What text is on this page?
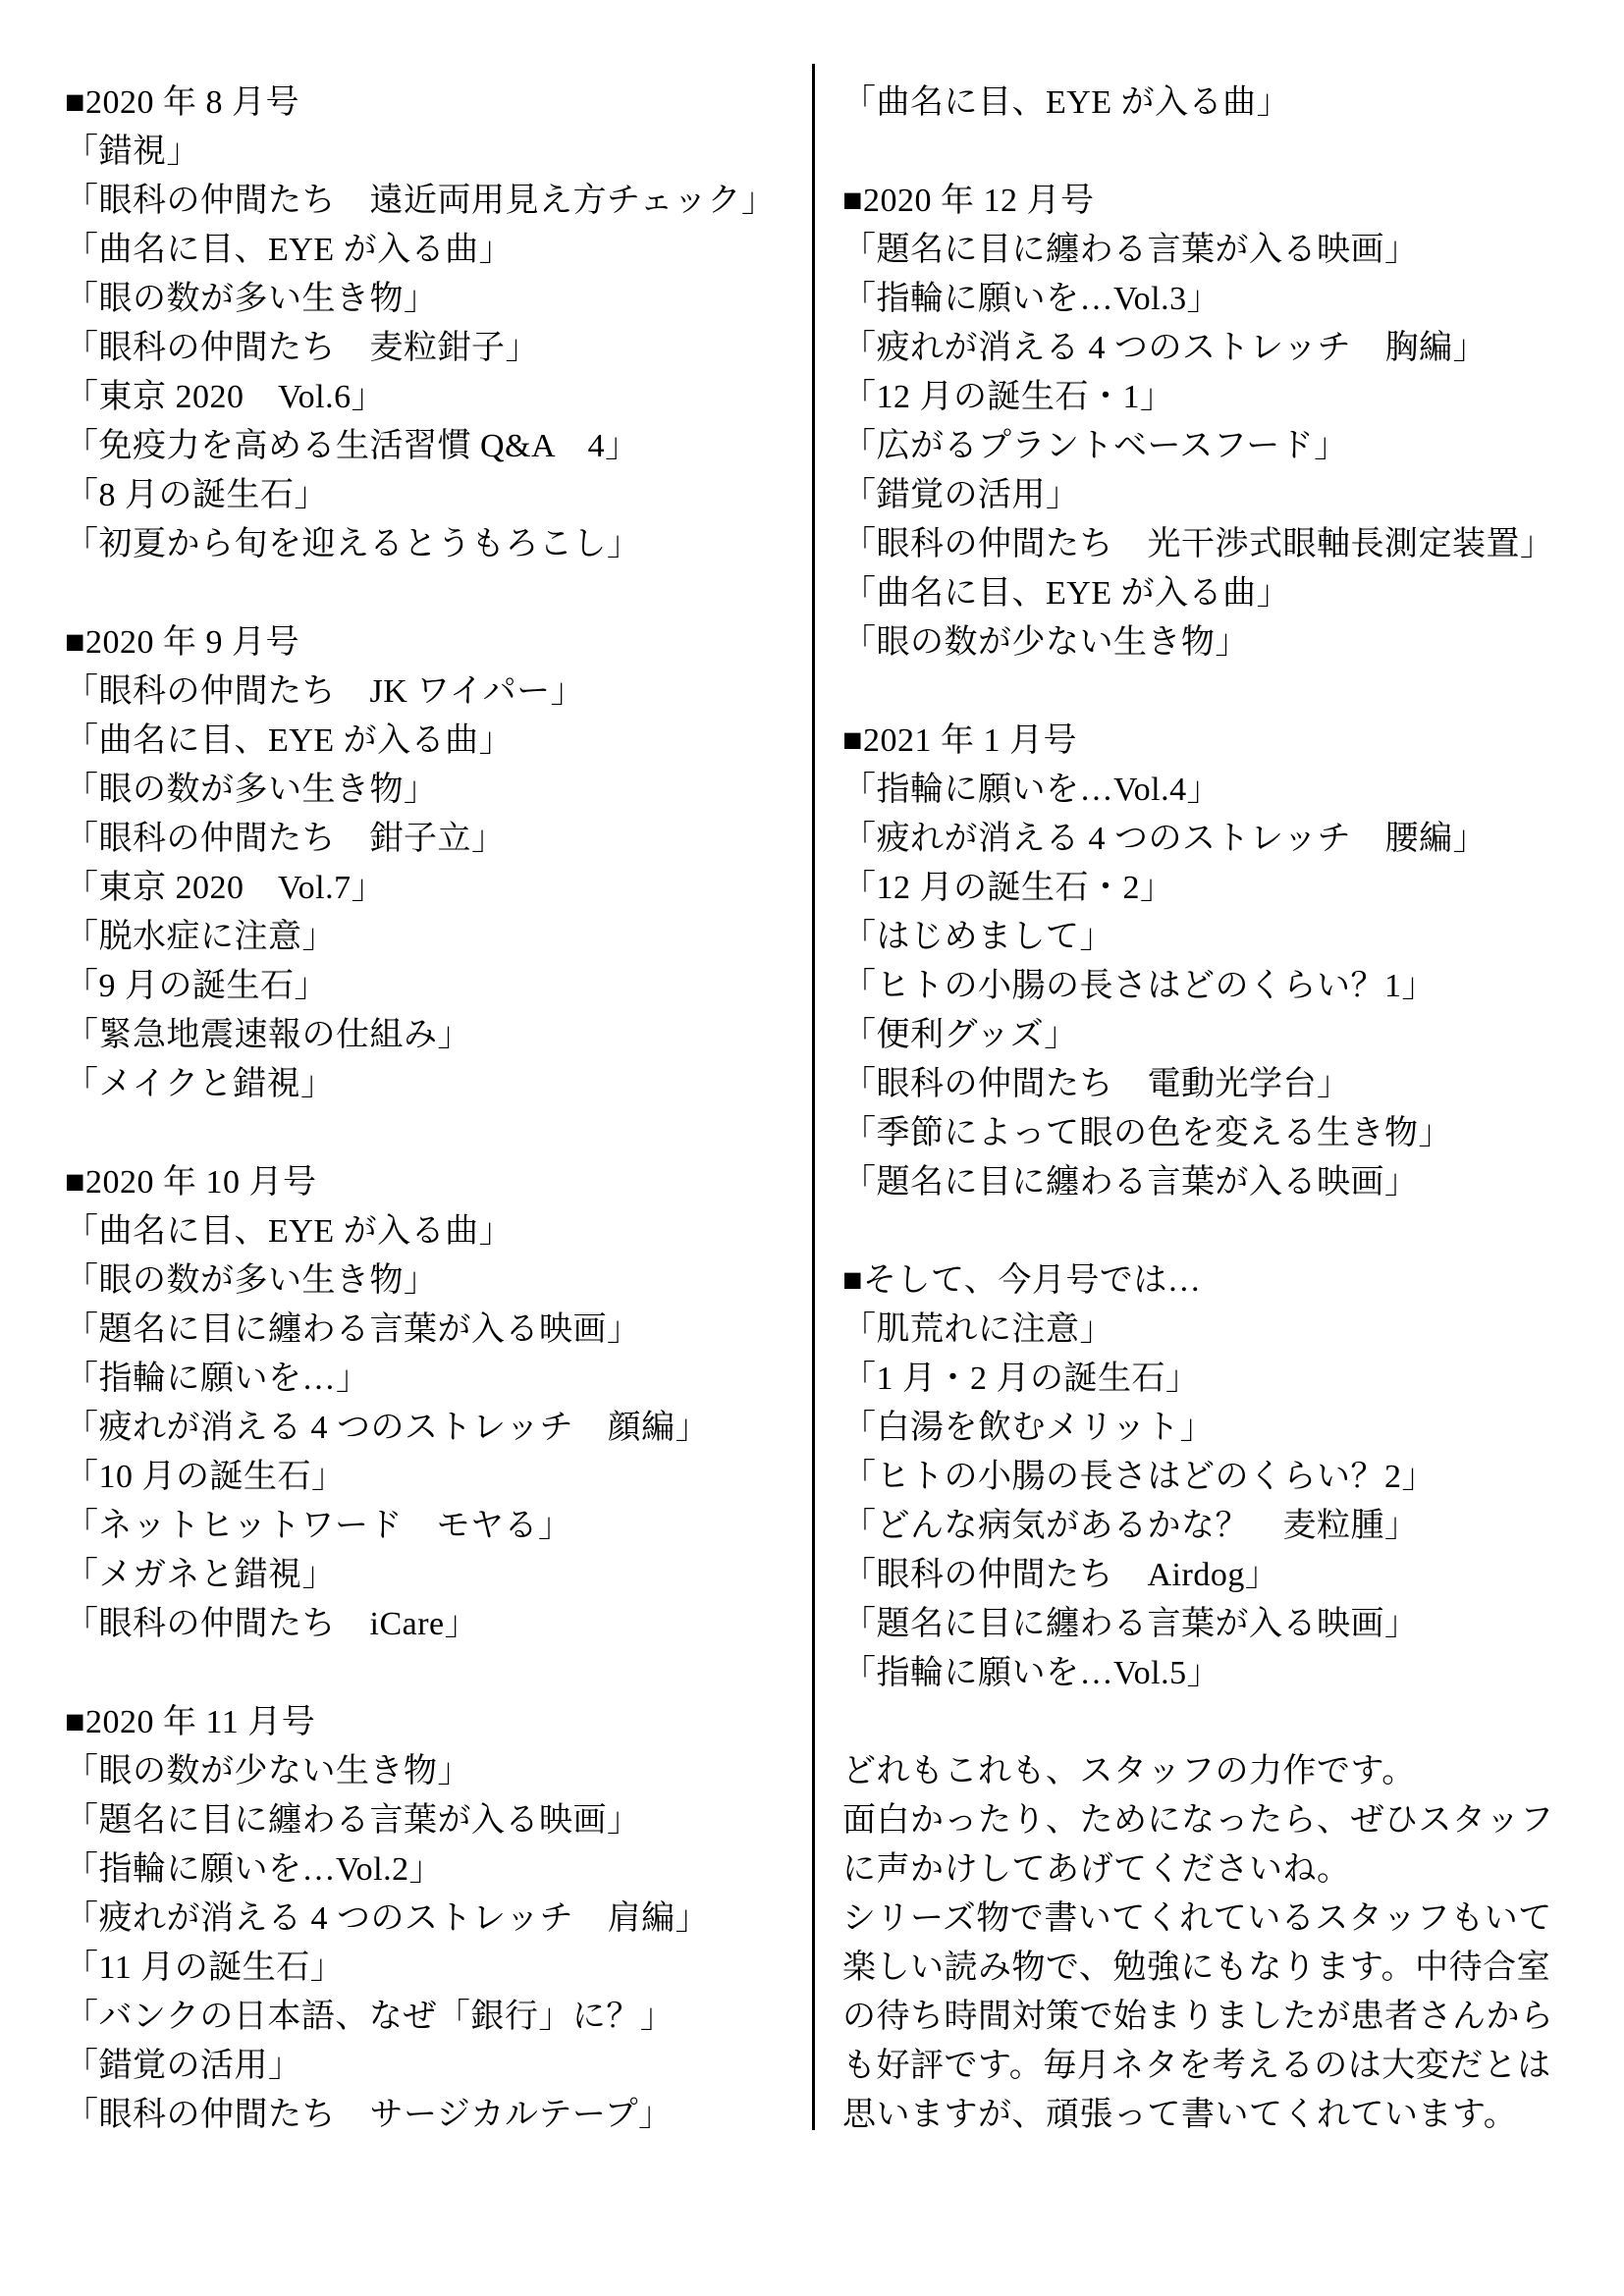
■2020 年 8 月号
「錯視」
「眼科の仲間たち　遠近両用見え方チェック」
「曲名に目、EYE が入る曲」
「眼の数が多い生き物」
「眼科の仲間たち　麦粒鉗子」
「東京 2020　Vol.6」
「免疫力を高める生活習慣 Q&A　4」
「8 月の誕生石」
「初夏から旬を迎えるとうもろこし」

■2020 年 9 月号
「眼科の仲間たち　JK ワイパー」
「曲名に目、EYE が入る曲」
「眼の数が多い生き物」
「眼科の仲間たち　鉗子立」
「東京 2020　Vol.7」
「脱水症に注意」
「9 月の誕生石」
「緊急地震速報の仕組み」
「メイクと錯視」

■2020 年 10 月号
「曲名に目、EYE が入る曲」
「眼の数が多い生き物」
「題名に目に纏わる言葉が入る映画」
「指輪に願いを…」
「疲れが消える 4 つのストレッチ　顔編」
「10 月の誕生石」
「ネットヒットワード　モヤる」
「メガネと錯視」
「眼科の仲間たち　iCare」

■2020 年 11 月号
「眼の数が少ない生き物」
「題名に目に纏わる言葉が入る映画」
「指輪に願いを…Vol.2」
「疲れが消える 4 つのストレッチ　肩編」
「11 月の誕生石」
「バンクの日本語、なぜ「銀行」に？」
「錯覚の活用」
「眼科の仲間たち　サージカルテープ」
「曲名に目、EYE が入る曲」

■2020 年 12 月号
「題名に目に纏わる言葉が入る映画」
「指輪に願いを…Vol.3」
「疲れが消える 4 つのストレッチ　胸編」
「12 月の誕生石・1」
「広がるプラントベースフード」
「錯覚の活用」
「眼科の仲間たち　光干渉式眼軸長測定装置」
「曲名に目、EYE が入る曲」
「眼の数が少ない生き物」

■2021 年 1 月号
「指輪に願いを…Vol.4」
「疲れが消える 4 つのストレッチ　腰編」
「12 月の誕生石・2」
「はじめまして」
「ヒトの小腸の長さはどのくらい？1」
「便利グッズ」
「眼科の仲間たち　電動光学台」
「季節によって眼の色を変える生き物」
「題名に目に纏わる言葉が入る映画」

■そして、今月号では…
「肌荒れに注意」
「1 月・2 月の誕生石」
「白湯を飲むメリット」
「ヒトの小腸の長さはどのくらい？2」
「どんな病気があるかな？　麦粒腫」
「眼科の仲間たち　Airdog」
「題名に目に纏わる言葉が入る映画」
「指輪に願いを…Vol.5」

どれもこれも、スタッフの力作です。
面白かったり、ためになったら、ぜひスタッフ
に声かけしてあげてくださいね。
シリーズ物で書いてくれているスタッフもいて
楽しい読み物で、勉強にもなります。中待合室
の待ち時間対策で始まりましたが患者さんから
も好評です。毎月ネタを考えるのは大変だとは
思いますが、頑張って書いてくれています。
